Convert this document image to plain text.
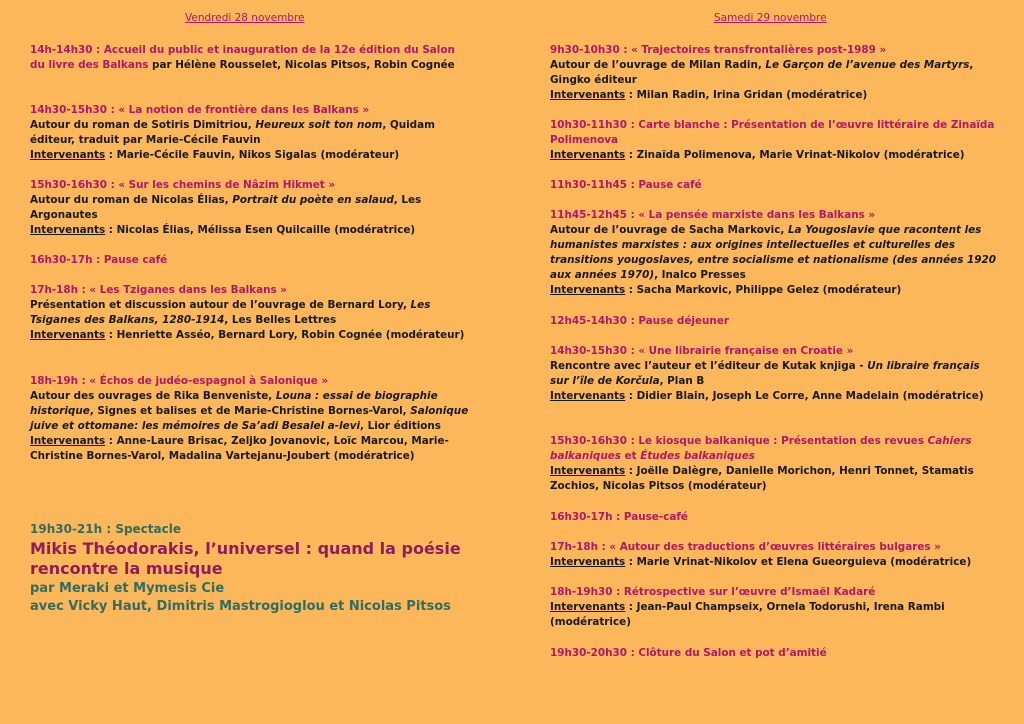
Vendredi 28 novembre
14h-14h30 : Accueil du public et inauguration de la 12e édition du Salon du livre des Balkans par Hélène Rousselet, Nicolas Pitsos, Robin Cognée
14h30-15h30 : « La notion de frontière dans les Balkans »
Autour du roman de Sotiris Dimitriou, Heureux soit ton nom, Quidam éditeur, traduit par Marie-Cécile Fauvin
Intervenants : Marie-Cécile Fauvin, Nikos Sigalas (modérateur)
15h30-16h30 : « Sur les chemins de Nâzim Hikmet »
Autour du roman de Nicolas Élias, Portrait du poète en salaud, Les Argonautes
Intervenants : Nicolas Élias, Mélissa Esen Quilcaille (modératrice)
16h30-17h : Pause café
17h-18h : « Les Tziganes dans les Balkans »
Présentation et discussion autour de l’ouvrage de Bernard Lory, Les Tsiganes des Balkans, 1280-1914, Les Belles Lettres
Intervenants : Henriette Asséo, Bernard Lory, Robin Cognée (modérateur)
18h-19h : « Échos de judéo-espagnol à Salonique »
Autour des ouvrages de Rika Benveniste, Louna : essai de biographie historique, Signes et balises et de Marie-Christine Bornes-Varol, Salonique juive et ottomane: les mémoires de Sa’adi Besalel a-levi, Lior éditions
Intervenants : Anne-Laure Brisac, Zeljko Jovanovic, Loïc Marcou, Marie-Christine Bornes-Varol, Madalina Vartejanu-Joubert (modératrice)
19h30-21h : Spectacle
Mikis Théodorakis, l’universel : quand la poésie rencontre la musique
par Meraki et Mymesis Cie
avec Vicky Haut, Dimitris Mastrogioglou et Nicolas Pitsos
Samedi 29 novembre
9h30-10h30 : « Trajectoires transfrontalières post-1989 »
Autour de l’ouvrage de Milan Radin, Le Garçon de l’avenue des Martyrs, Gingko éditeur
Intervenants : Milan Radin, Irina Gridan (modératrice)
10h30-11h30 : Carte blanche : Présentation de l’œuvre littéraire de Zinaïda Polimenova
Intervenants : Zinaïda Polimenova, Marie Vrinat-Nikolov (modératrice)
11h30-11h45 : Pause café
11h45-12h45 : « La pensée marxiste dans les Balkans »
Autour de l’ouvrage de Sacha Markovic, La Yougoslavie que racontent les humanistes marxistes : aux origines intellectuelles et culturelles des transitions yougoslaves, entre socialisme et nationalisme (des années 1920 aux années 1970), Inalco Presses
Intervenants : Sacha Markovic, Philippe Gelez (modérateur)
12h45-14h30 : Pause déjeuner
14h30-15h30 : « Une librairie française en Croatie »
Rencontre avec l’auteur et l’éditeur de Kutak knjiga - Un libraire français sur l’île de Korčula, Plan B
Intervenants : Didier Blain, Joseph Le Corre, Anne Madelain (modératrice)
15h30-16h30 : Le kiosque balkanique : Présentation des revues Cahiers balkaniques et Études balkaniques
Intervenants : Joëlle Dalègre, Danielle Morichon, Henri Tonnet, Stamatis Zochios, Nicolas Pitsos (modérateur)
16h30-17h : Pause-café
17h-18h : « Autour des traductions d’œuvres littéraires bulgares »
Intervenants : Marie Vrinat-Nikolov et Elena Gueorguieva (modératrice)
18h-19h30 : Rétrospective sur l’œuvre d’Ismaël Kadaré
Intervenants : Jean-Paul Champseix, Ornela Todorushi, Irena Rambi (modératrice)
19h30-20h30 : Clôture du Salon et pot d’amitié
